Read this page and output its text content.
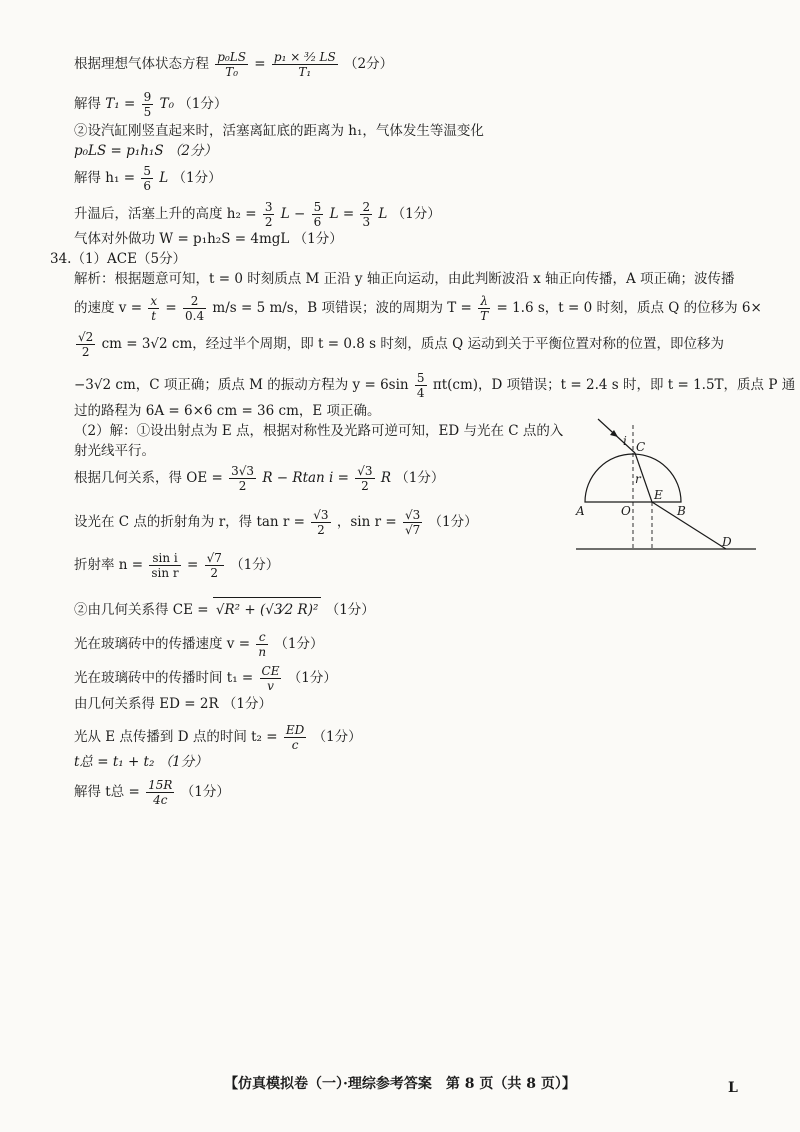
根据理想气体状态方程 $\frac{\text{p₀LS}}{\text{T₀}} = \frac{\text{p₁ × ³⁄₂ LS}}{\text{T₁}} (2$分）
解得 $T_1 = \frac{9}{5} T_0$ （1分）
②设汽缸刚竖直起来时，活塞离缸底的距离为 h₁，气体发生等温变化
p₀LS = p₁h₁S （2分）
解得 $h_1 = \frac{5}{6}$ L （1分）
升温后，活塞上升的高度 $h_2 = \frac{3}{2}$ $L - \frac{5}{6}$ $L = \frac{2}{3}$ L （1分）
气体对外做功 W = p₁h₂S = 4mgL （1分）
34.（1）ACE（5分）
解析：根据题意可知，t = 0 时刻质点 M 正沿 y 轴正向运动，由此判断波沿 x 轴正向传播，A 项正确；波传播
的速度 $v = \frac{x}{t} = \frac{2}{0.4} m/s = 5$ m/s，B 项错误；波的周期为 $T = \frac{\lambda}{T} = 1.6$ s，t = 0 时刻，质点 Q 的位移为 6×
$\frac{√2}{2}$ cm = 3√2 cm，经过半个周期，即 t = 0.8 s 时刻，质点 Q 运动到关于平衡位置对称的位置，即位移为
−3√2 cm，C 项正确；质点 M 的振动方程为 $y = 6\sin \frac{5}{4} \pi t(cm)$，D 项错误；t = 2.4 s 时，即 t = 1.5T，质点 P 通
过的路程为 6A = 6×6 cm = 36 cm，E 项正确。
（2）解：①设出射点为 E 点，根据对称性及光路可逆可知，ED 与光在 C 点的入射光线平行。
根据几何关系，得 OE = $\frac{3√3}{2}$ R − Rtan $i = \frac{√3}{2}$ R （1分）
设光在 C 点的折射角为 r，得 $\tan r = \frac{√3}{2}$ ，$\sin r = \frac{√3}{√7} (1$分）
折射率 $n = \frac{\text{sin i}}{\text{sin r}} = \frac{√7}{2} (1$分）
②由几何关系得 CE = √R² + (√3⁄2 R)² （1分）
光在玻璃砖中的传播速度 $v = \frac{c}{n} (1$分）
光在玻璃砖中的传播时间 $t_1 = \frac{CE}{v} (1$分）
由几何关系得 ED = 2R （1分）
光从 E 点传播到 D 点的时间 $t_2 = \frac{ED}{c} (1$分）
t总 = t₁ + t₂ （1分）
解得 t总 = $\frac{15R}{4c} (1$分）
i C
r
E
A	O	B
D
【仿真模拟卷（一）·理综参考答案　第 8 页（共 8 页）】	L
